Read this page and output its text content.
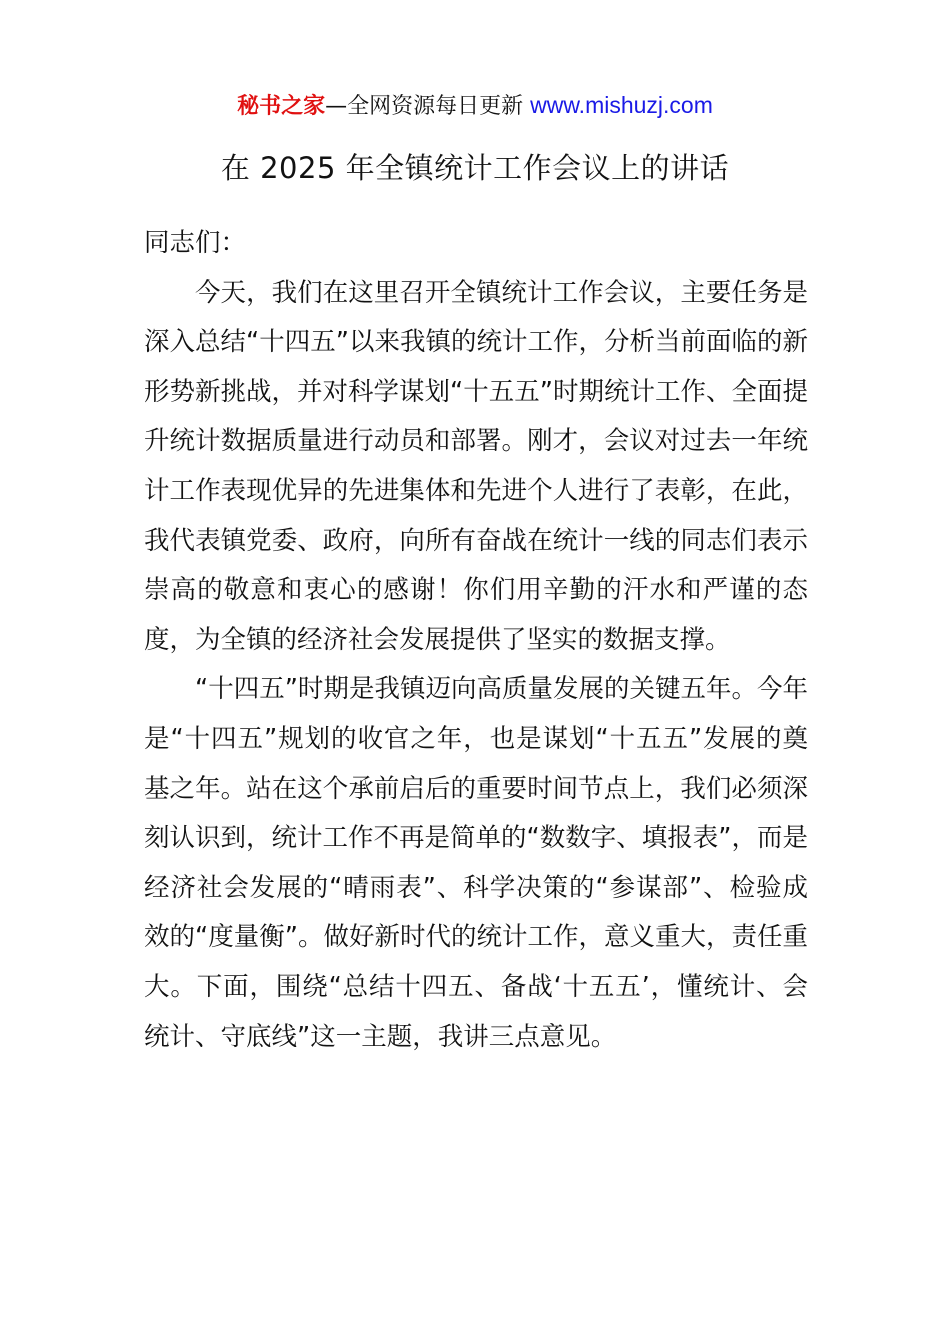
秘书之家—全网资源每日更新 www.mishuzj.com
在 2025 年全镇统计工作会议上的讲话

同志们：

今天，我们在这里召开全镇统计工作会议，主要任务是深入总结“十四五”以来我镇的统计工作，分析当前面临的新形势新挑战，并对科学谋划“十五五”时期统计工作、全面提升统计数据质量进行动员和部署。刚才，会议对过去一年统计工作表现优异的先进集体和先进个人进行了表彰，在此，我代表镇党委、政府，向所有奋战在统计一线的同志们表示崇高的敬意和衷心的感谢！你们用辛勤的汗水和严谨的态度，为全镇的经济社会发展提供了坚实的数据支撑。

“十四五”时期是我镇迈向高质量发展的关键五年。今年是“十四五”规划的收官之年，也是谋划“十五五”发展的奠基之年。站在这个承前启后的重要时间节点上，我们必须深刻认识到，统计工作不再是简单的“数数字、填报表”，而是经济社会发展的“晴雨表”、科学决策的“参谋部”、检验成效的“度量衡”。做好新时代的统计工作，意义重大，责任重大。下面，围绕“总结十四五、备战‘十五五’，懂统计、会统计、守底线”这一主题，我讲三点意见。
